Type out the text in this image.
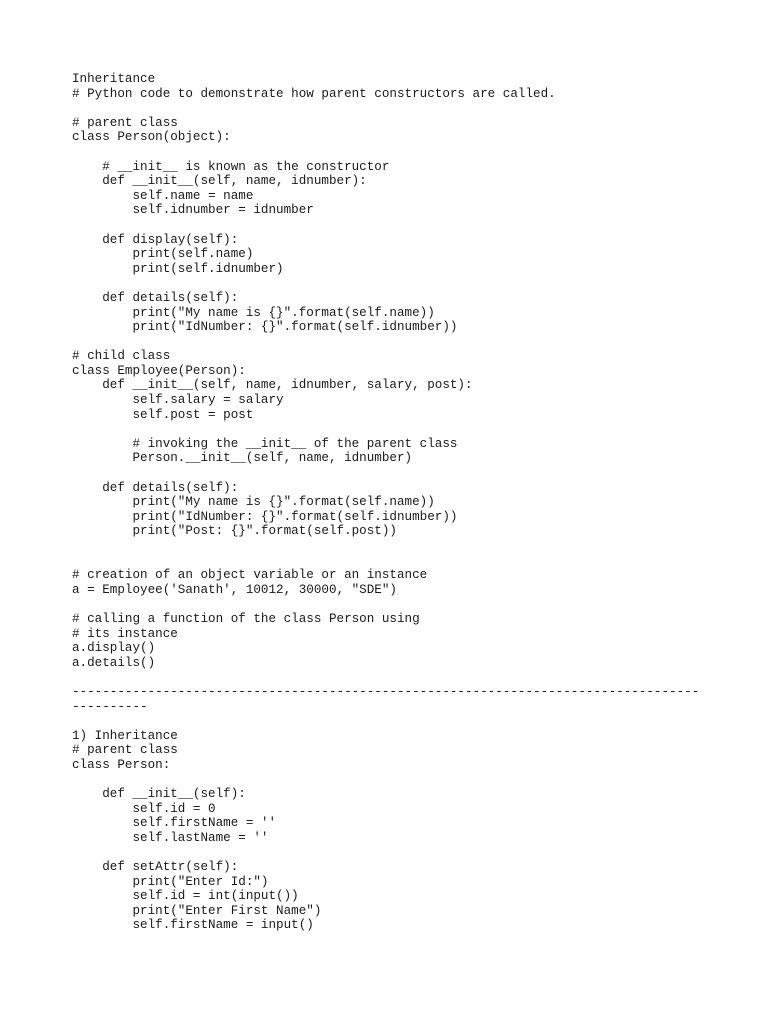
Inheritance
# Python code to demonstrate how parent constructors are called.
# parent class
class Person(object):
# __init__ is known as the constructor
def __init__(self, name, idnumber):
self.name = name
self.idnumber = idnumber
def display(self):
print(self.name)
print(self.idnumber)
def details(self):
print("My name is {}".format(self.name))
print("IdNumber: {}".format(self.idnumber))
# child class
class Employee(Person):
def __init__(self, name, idnumber, salary, post):
self.salary = salary
self.post = post
# invoking the __init__ of the parent class
Person.__init__(self, name, idnumber)
def details(self):
print("My name is {}".format(self.name))
print("IdNumber: {}".format(self.idnumber))
print("Post: {}".format(self.post))
# creation of an object variable or an instance
a = Employee('Sanath', 10012, 30000, "SDE")
# calling a function of the class Person using
# its instance
a.display()
a.details()
-----------------------------------------------------------------------------------
----------
1) Inheritance
# parent class
class Person:
def __init__(self):
self.id = 0
self.firstName = ''
self.lastName = ''
def setAttr(self):
print("Enter Id:")
self.id = int(input())
print("Enter First Name")
self.firstName = input()
